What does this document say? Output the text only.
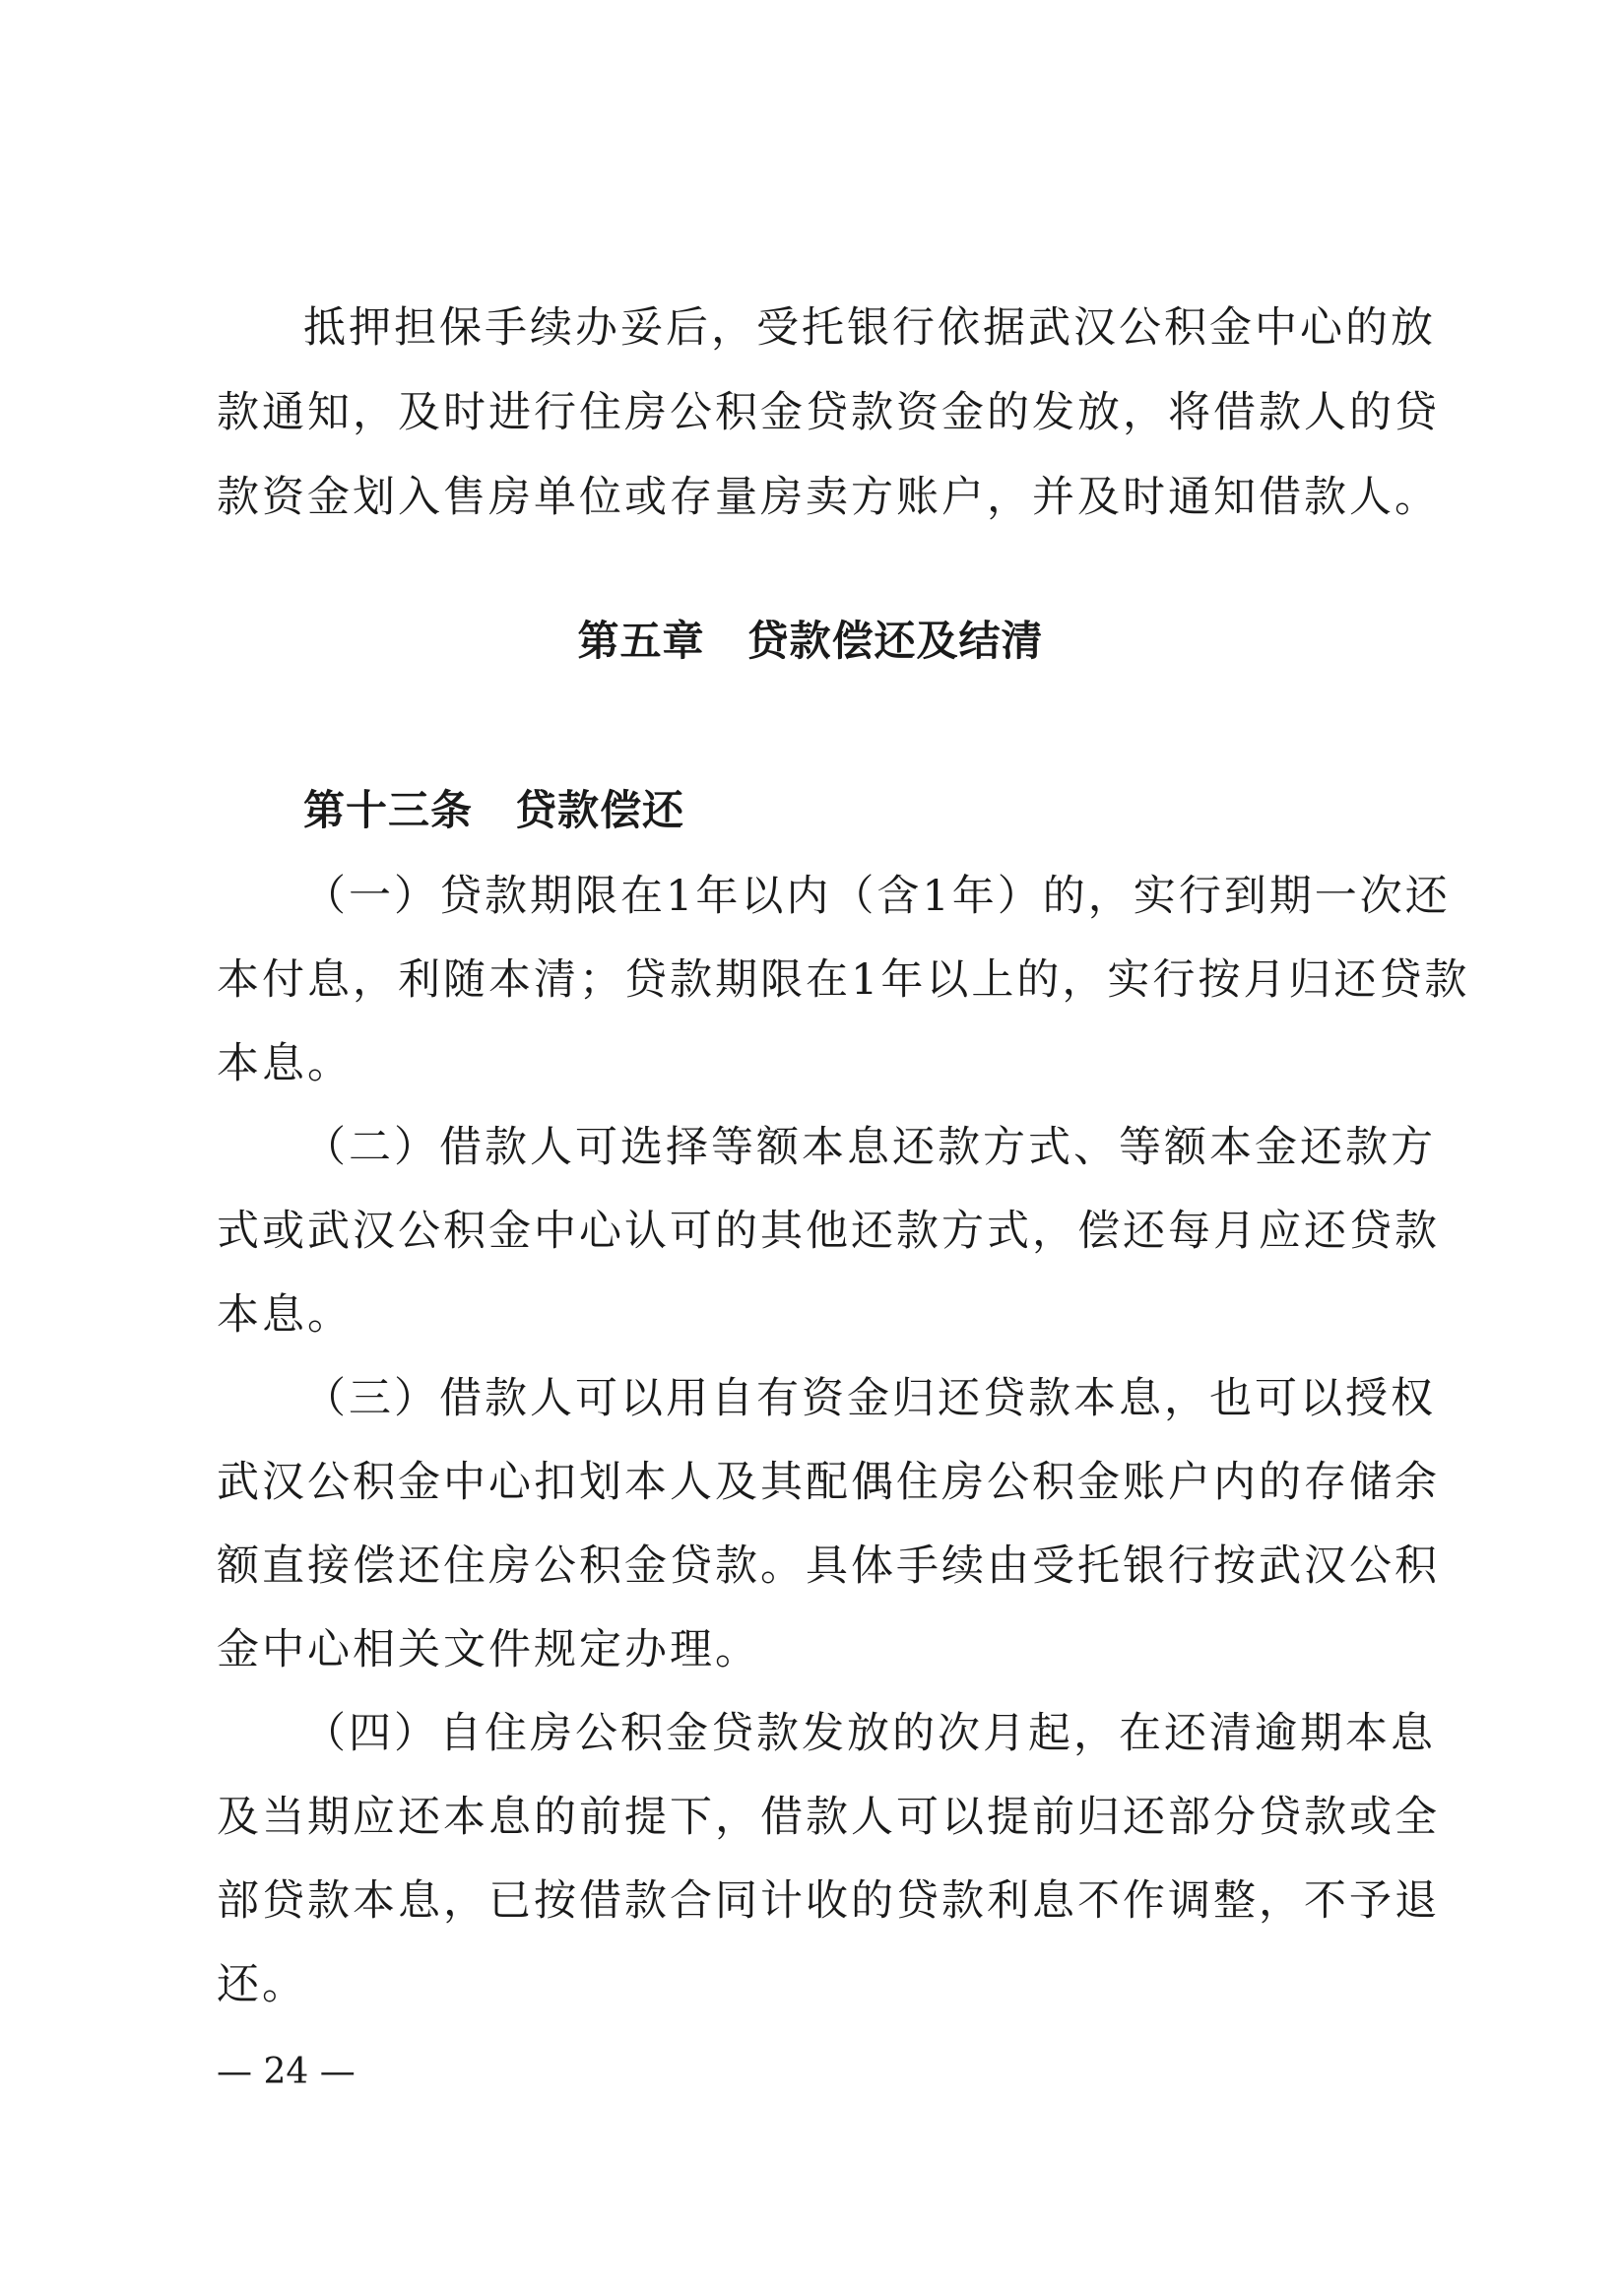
抵押担保手续办妥后，受托银行依据武汉公积金中心的放
款通知，及时进行住房公积金贷款资金的发放，将借款人的贷
款资金划入售房单位或存量房卖方账户，并及时通知借款人。
第五章　贷款偿还及结清
第十三条　贷款偿还
（一）贷款期限在1年以内（含1年）的，实行到期一次还
本付息，利随本清；贷款期限在1年以上的，实行按月归还贷款
本息。
（二）借款人可选择等额本息还款方式、等额本金还款方
式或武汉公积金中心认可的其他还款方式，偿还每月应还贷款
本息。
（三）借款人可以用自有资金归还贷款本息，也可以授权
武汉公积金中心扣划本人及其配偶住房公积金账户内的存储余
额直接偿还住房公积金贷款。具体手续由受托银行按武汉公积
金中心相关文件规定办理。
（四）自住房公积金贷款发放的次月起，在还清逾期本息
及当期应还本息的前提下，借款人可以提前归还部分贷款或全
部贷款本息，已按借款合同计收的贷款利息不作调整，不予退
还。
— 24 —
